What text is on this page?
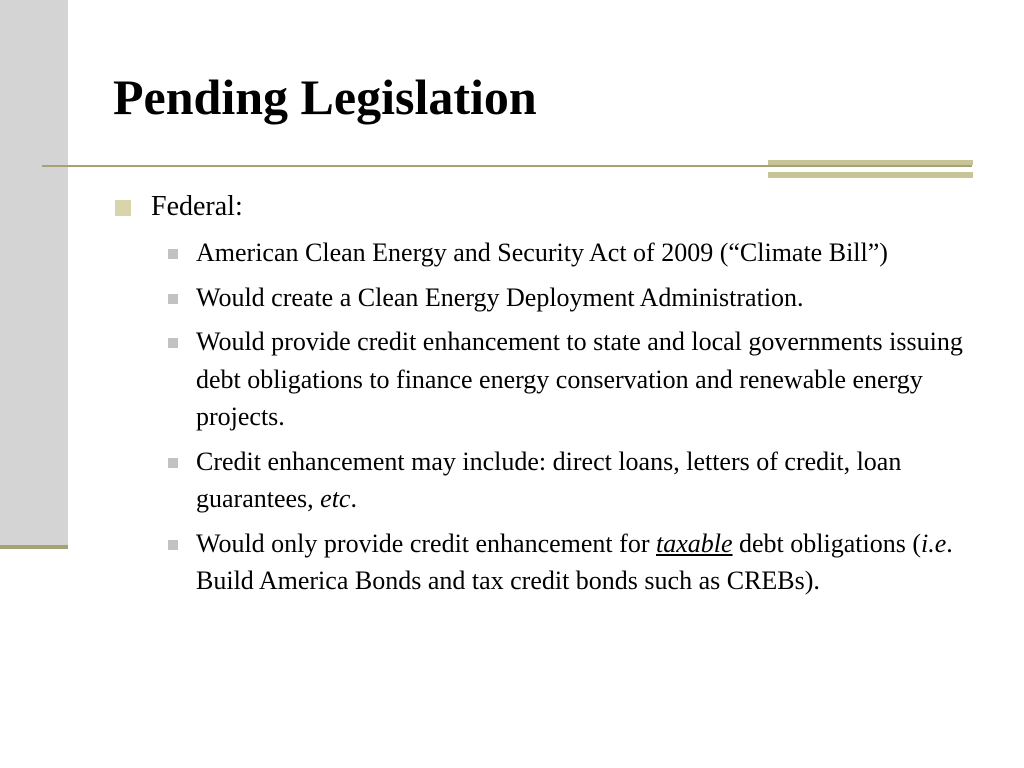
Pending Legislation
Federal:
American Clean Energy and Security Act of 2009 (“Climate Bill”)
Would create a Clean Energy Deployment Administration.
Would provide credit enhancement to state and local governments issuing debt obligations to finance energy conservation and renewable energy projects.
Credit enhancement may include: direct loans, letters of credit, loan guarantees, etc.
Would only provide credit enhancement for taxable debt obligations (i.e. Build America Bonds and tax credit bonds such as CREBs).
